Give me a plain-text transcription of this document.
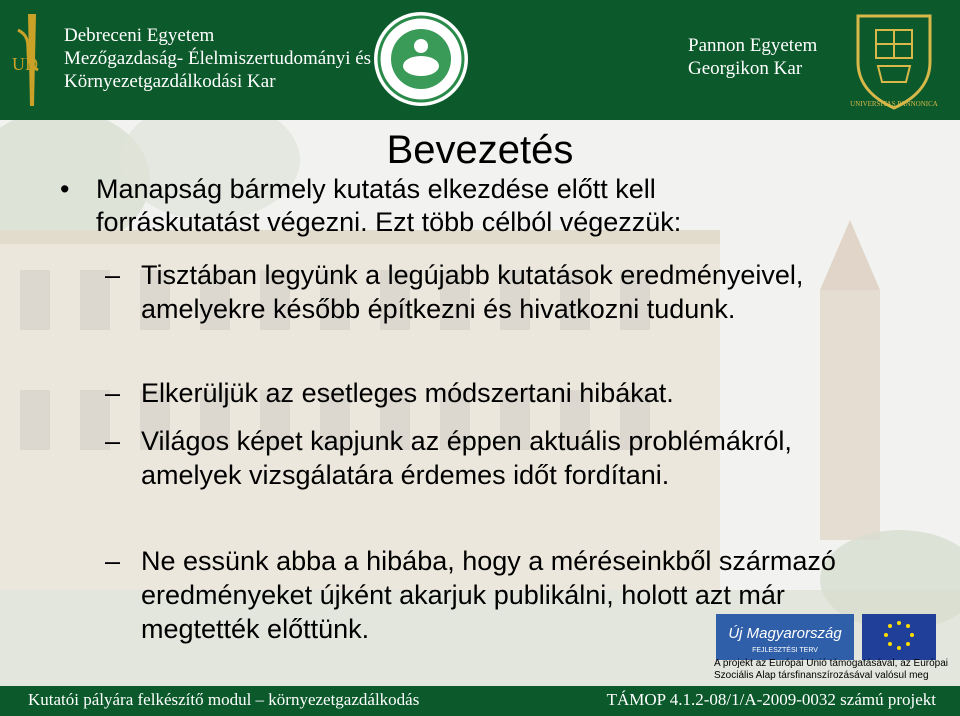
UD
Debreceni Egyetem
Mezőgazdaság- Élelmiszertudományi és
Környezetgazdálkodási Kar
Pannon Egyetem
Georgikon Kar
UNIVERSITAS PANNONICA
Bevezetés
• Manapság bármely kutatás elkezdése előtt kell forráskutatást végezni. Ezt több célból végezzük:
– Tisztában legyünk a legújabb kutatások eredményeivel, amelyekre később építkezni és hivatkozni tudunk.
– Elkerüljük az esetleges módszertani hibákat.
– Világos képet kapjunk az éppen aktuális problémákról, amelyek vizsgálatára érdemes időt fordítani.
– Ne essünk abba a hibába, hogy a méréseinkből származó eredményeket újként akarjuk publikálni, holott azt már megtették előttünk.	Új Magyarország
FEJLESZTÉSI TERV
A projekt az Európai Unió támogatásával, az Európai
Szociális Alap társfinanszírozásával valósul meg
Kutatói pályára felkészítő modul – környezetgazdálkodás	TÁMOP 4.1.2-08/1/A-2009-0032 számú projekt
